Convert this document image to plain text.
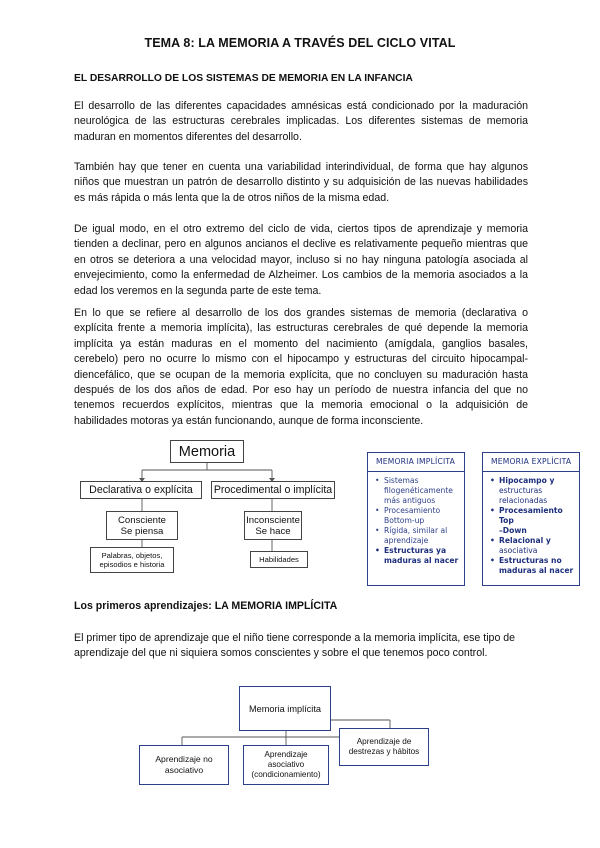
TEMA 8: LA MEMORIA A TRAVÉS DEL CICLO VITAL
EL DESARROLLO DE LOS SISTEMAS DE MEMORIA EN LA INFANCIA

El desarrollo de las diferentes capacidades amnésicas está condicionado por la maduración neurológica de las estructuras cerebrales implicadas. Los diferentes sistemas de memoria maduran en momentos diferentes del desarrollo.

También hay que tener en cuenta una variabilidad interindividual, de forma que hay algunos niños que muestran un patrón de desarrollo distinto y su adquisición de las nuevas habilidades es más rápida o más lenta que la de otros niños de la misma edad.

De igual modo, en el otro extremo del ciclo de vida, ciertos tipos de aprendizaje y memoria tienden a declinar, pero en algunos ancianos el declive es relativamente pequeño mientras que en otros se deteriora a una velocidad mayor, incluso si no hay ninguna patología asociada al envejecimiento, como la enfermedad de Alzheimer. Los cambios de la memoria asociados a la edad los veremos en la segunda parte de este tema.

En lo que se refiere al desarrollo de los dos grandes sistemas de memoria (declarativa o explícita frente a memoria implícita), las estructuras cerebrales de qué depende la memoria implícita ya están maduras en el momento del nacimiento (amígdala, ganglios basales, cerebelo) pero no ocurre lo mismo con el hipocampo y estructuras del circuito hipocampal-diencefálico, que se ocupan de la memoria explícita, que no concluyen su maduración hasta después de los dos años de edad. Por eso hay un período de nuestra infancia del que no tenemos recuerdos explícitos, mientras que la memoria emocional o la adquisición de habilidades motoras ya están funcionando, aunque de forma inconsciente.

Memoria
Declarativa o explícita Procedimental o implícita
Consciente
Se piensa
Inconsciente
Se hace
Palabras, objetos,
episodios e historia
Habilidades
MEMORIA IMPLÍCITA
• Sistemas filogenéticamente más antiguos
• Procesamiento Bottom-up
• Rígida, similar al aprendizaje
• Estructuras ya maduras al nacer
MEMORIA EXPLÍCITA
• Hipocampo y
estructuras
relacionadas
• Procesamiento Top
–Down
• Relacional y
asociativa
• Estructuras no maduras al nacer

Los primeros aprendizajes: LA MEMORIA IMPLÍCITA

El primer tipo de aprendizaje que el niño tiene corresponde a la memoria implícita, ese tipo de aprendizaje del que ni siquiera somos conscientes y sobre el que tenemos poco control.

Memoria implícita
Aprendizaje no
asociativo
Aprendizaje
asociativo
(condicionamiento)
Aprendizaje de
destrezas y hábitos
